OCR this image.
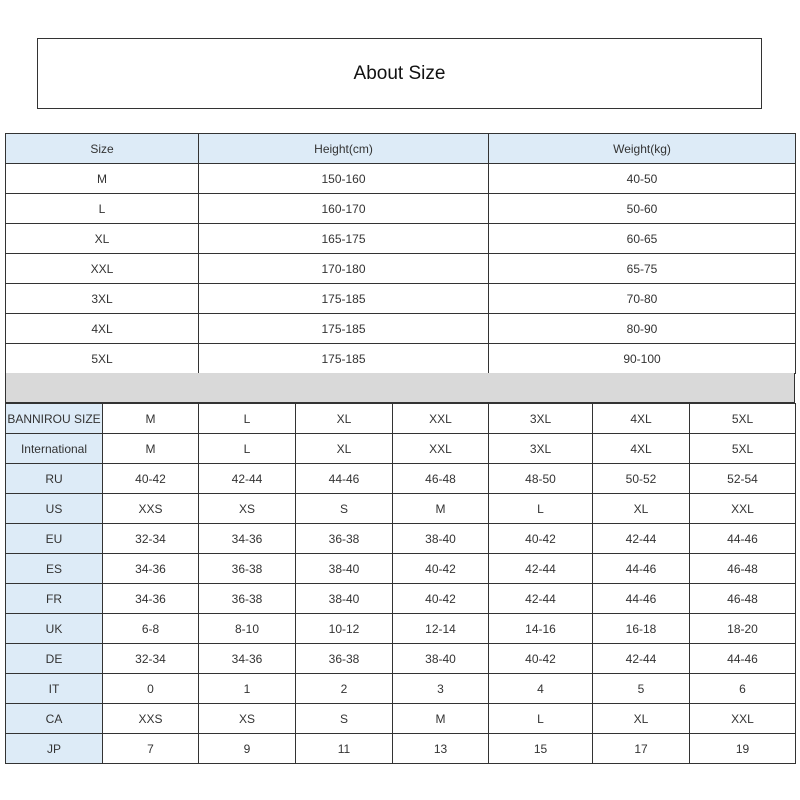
About Size
Size	Height(cm)	Weight(kg)
M	150-160	40-50
L	160-170	50-60
XL	165-175	60-65
XXL	170-180	65-75
3XL	175-185	70-80
4XL	175-185	80-90
5XL	175-185	90-100
BANNIROU SIZE	M	L	XL	XXL	3XL	4XL	5XL
International	M	L	XL	XXL	3XL	4XL	5XL
RU	40-42	42-44	44-46	46-48	48-50	50-52	52-54
US	XXS	XS	S	M	L	XL	XXL
EU	32-34	34-36	36-38	38-40	40-42	42-44	44-46
ES	34-36	36-38	38-40	40-42	42-44	44-46	46-48
FR	34-36	36-38	38-40	40-42	42-44	44-46	46-48
UK	6-8	8-10	10-12	12-14	14-16	16-18	18-20
DE	32-34	34-36	36-38	38-40	40-42	42-44	44-46
IT	0	1	2	3	4	5	6
CA	XXS	XS	S	M	L	XL	XXL
JP	7	9	11	13	15	17	19
